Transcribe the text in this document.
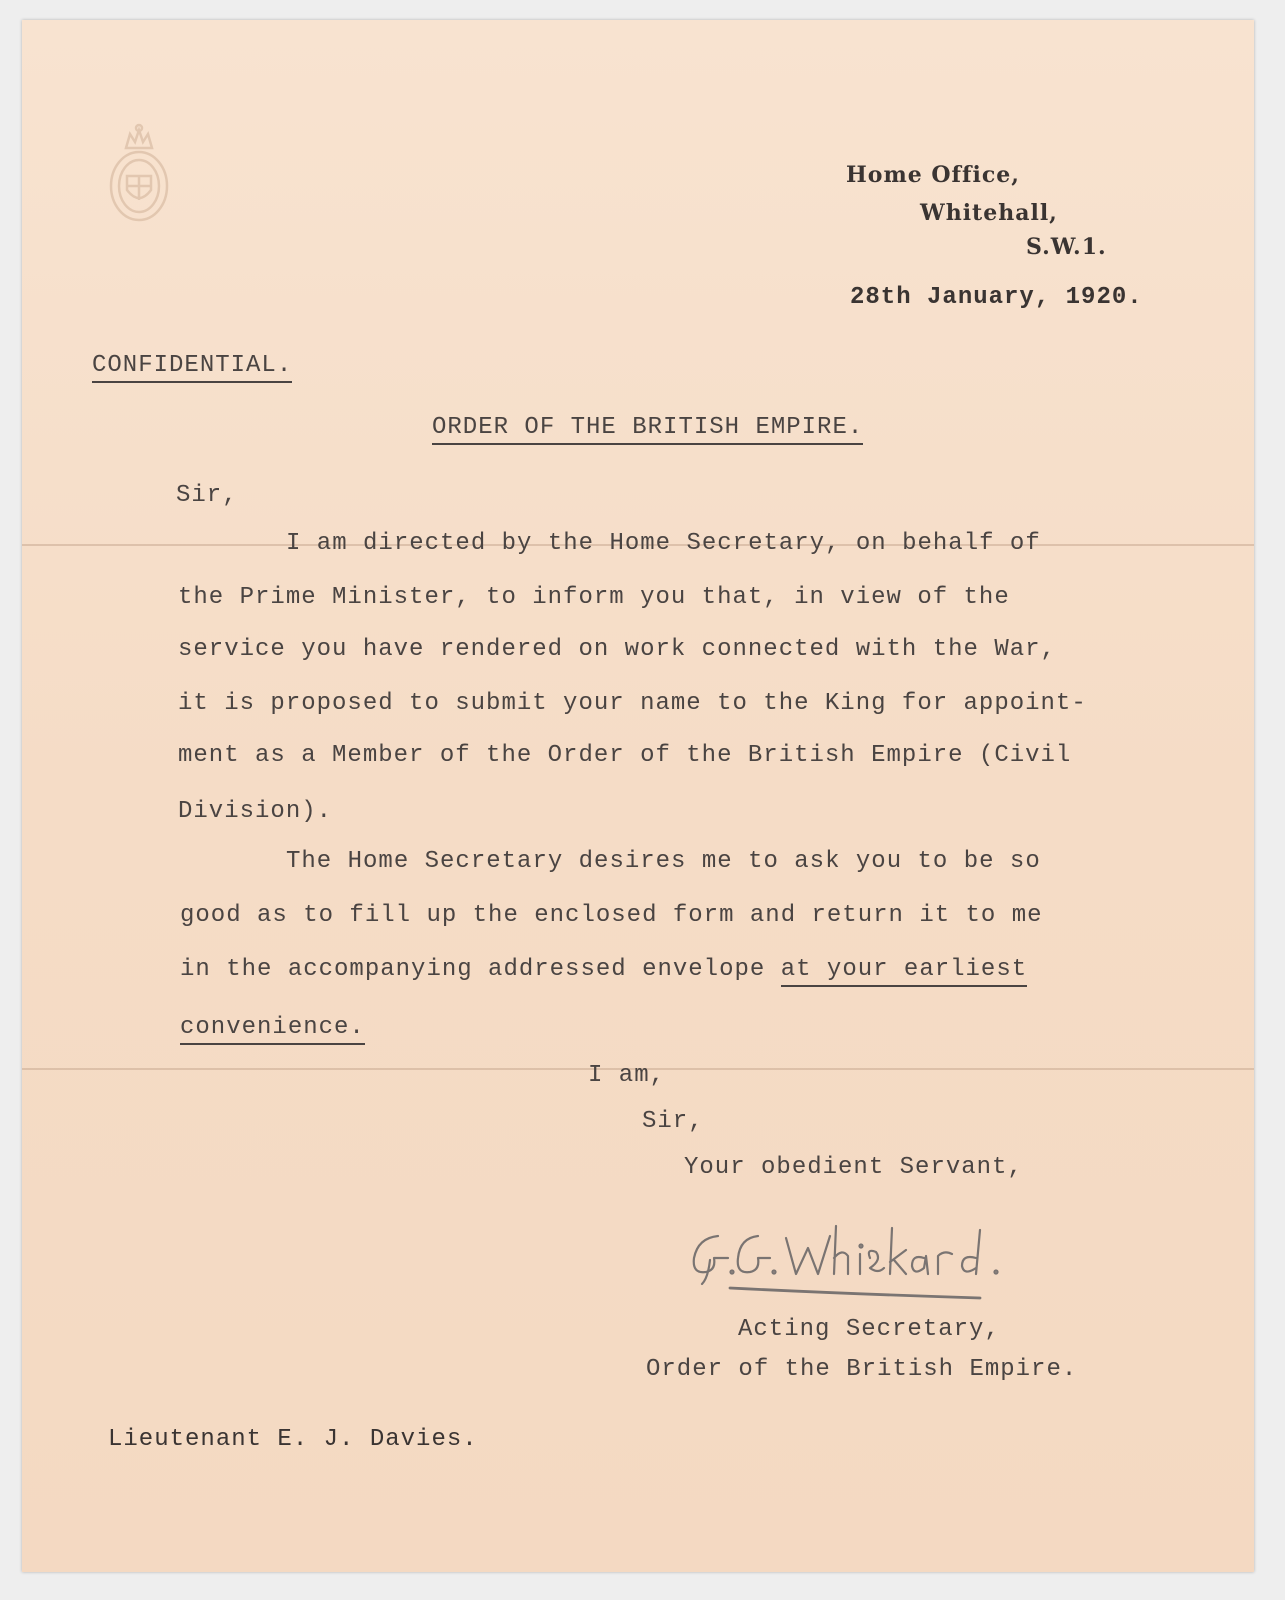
Home Office,

Whitehall,

S.W.1.

28th January, 1920.

CONFIDENTIAL.

ORDER OF THE BRITISH EMPIRE.

Sir,

I am directed by the Home Secretary, on behalf of

the Prime Minister, to inform you that, in view of the

service you have rendered on work connected with the War,

it is proposed to submit your name to the King for appoint-

ment as a Member of the Order of the British Empire (Civil

Division).

The Home Secretary desires me to ask you to be so

good as to fill up the enclosed form and return it to me

in the accompanying addressed envelope at your earliest

convenience.

I am,

Sir,

Your obedient Servant,

G.G. Whiskard

Acting Secretary,

Order of the British Empire.

Lieutenant E. J. Davies.
